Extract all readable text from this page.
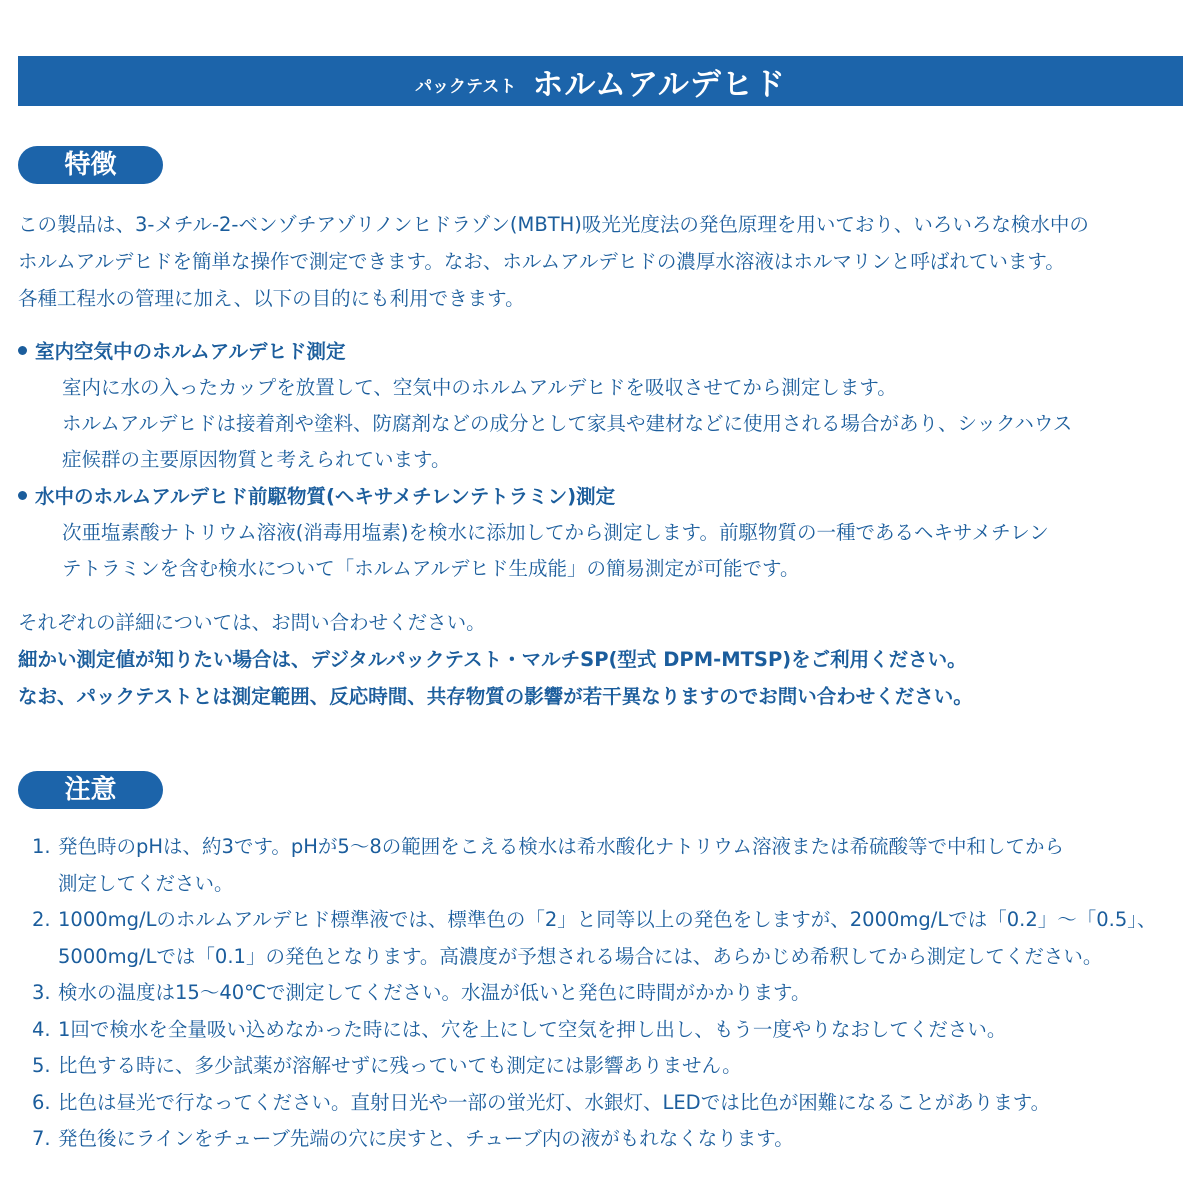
パックテスト ホルムアルデヒド
特徴

この製品は、3-メチル-2-ベンゾチアゾリノンヒドラゾン(MBTH)吸光光度法の発色原理を用いており、いろいろな検水中の

ホルムアルデヒドを簡単な操作で測定できます。なお、ホルムアルデヒドの濃厚水溶液はホルマリンと呼ばれています。

各種工程水の管理に加え、以下の目的にも利用できます。

室内空気中のホルムアルデヒド測定

室内に水の入ったカップを放置して、空気中のホルムアルデヒドを吸収させてから測定します。

ホルムアルデヒドは接着剤や塗料、防腐剤などの成分として家具や建材などに使用される場合があり、シックハウス

症候群の主要原因物質と考えられています。

水中のホルムアルデヒド前駆物質(ヘキサメチレンテトラミン)測定

次亜塩素酸ナトリウム溶液(消毒用塩素)を検水に添加してから測定します。前駆物質の一種であるヘキサメチレン

テトラミンを含む検水について「ホルムアルデヒド生成能」の簡易測定が可能です。

それぞれの詳細については、お問い合わせください。

細かい測定値が知りたい場合は、デジタルパックテスト・マルチSP(型式 DPM-MTSP)をご利用ください。

なお、パックテストとは測定範囲、反応時間、共存物質の影響が若干異なりますのでお問い合わせください。

注意
1. 発色時のpHは、約3です。pHが5〜8の範囲をこえる検水は希水酸化ナトリウム溶液または希硫酸等で中和してから

測定してください。

2. 1000mg/Lのホルムアルデヒド標準液では、標準色の「2」と同等以上の発色をしますが、2000mg/Lでは「0.2」〜「0.5」、

5000mg/Lでは「0.1」の発色となります。高濃度が予想される場合には、あらかじめ希釈してから測定してください。

3. 検水の温度は15〜40℃で測定してください。水温が低いと発色に時間がかかります。

4. 1回で検水を全量吸い込めなかった時には、穴を上にして空気を押し出し、もう一度やりなおしてください。

5. 比色する時に、多少試薬が溶解せずに残っていても測定には影響ありません。

6. 比色は昼光で行なってください。直射日光や一部の蛍光灯、水銀灯、LEDでは比色が困難になることがあります。

7. 発色後にラインをチューブ先端の穴に戻すと、チューブ内の液がもれなくなります。
